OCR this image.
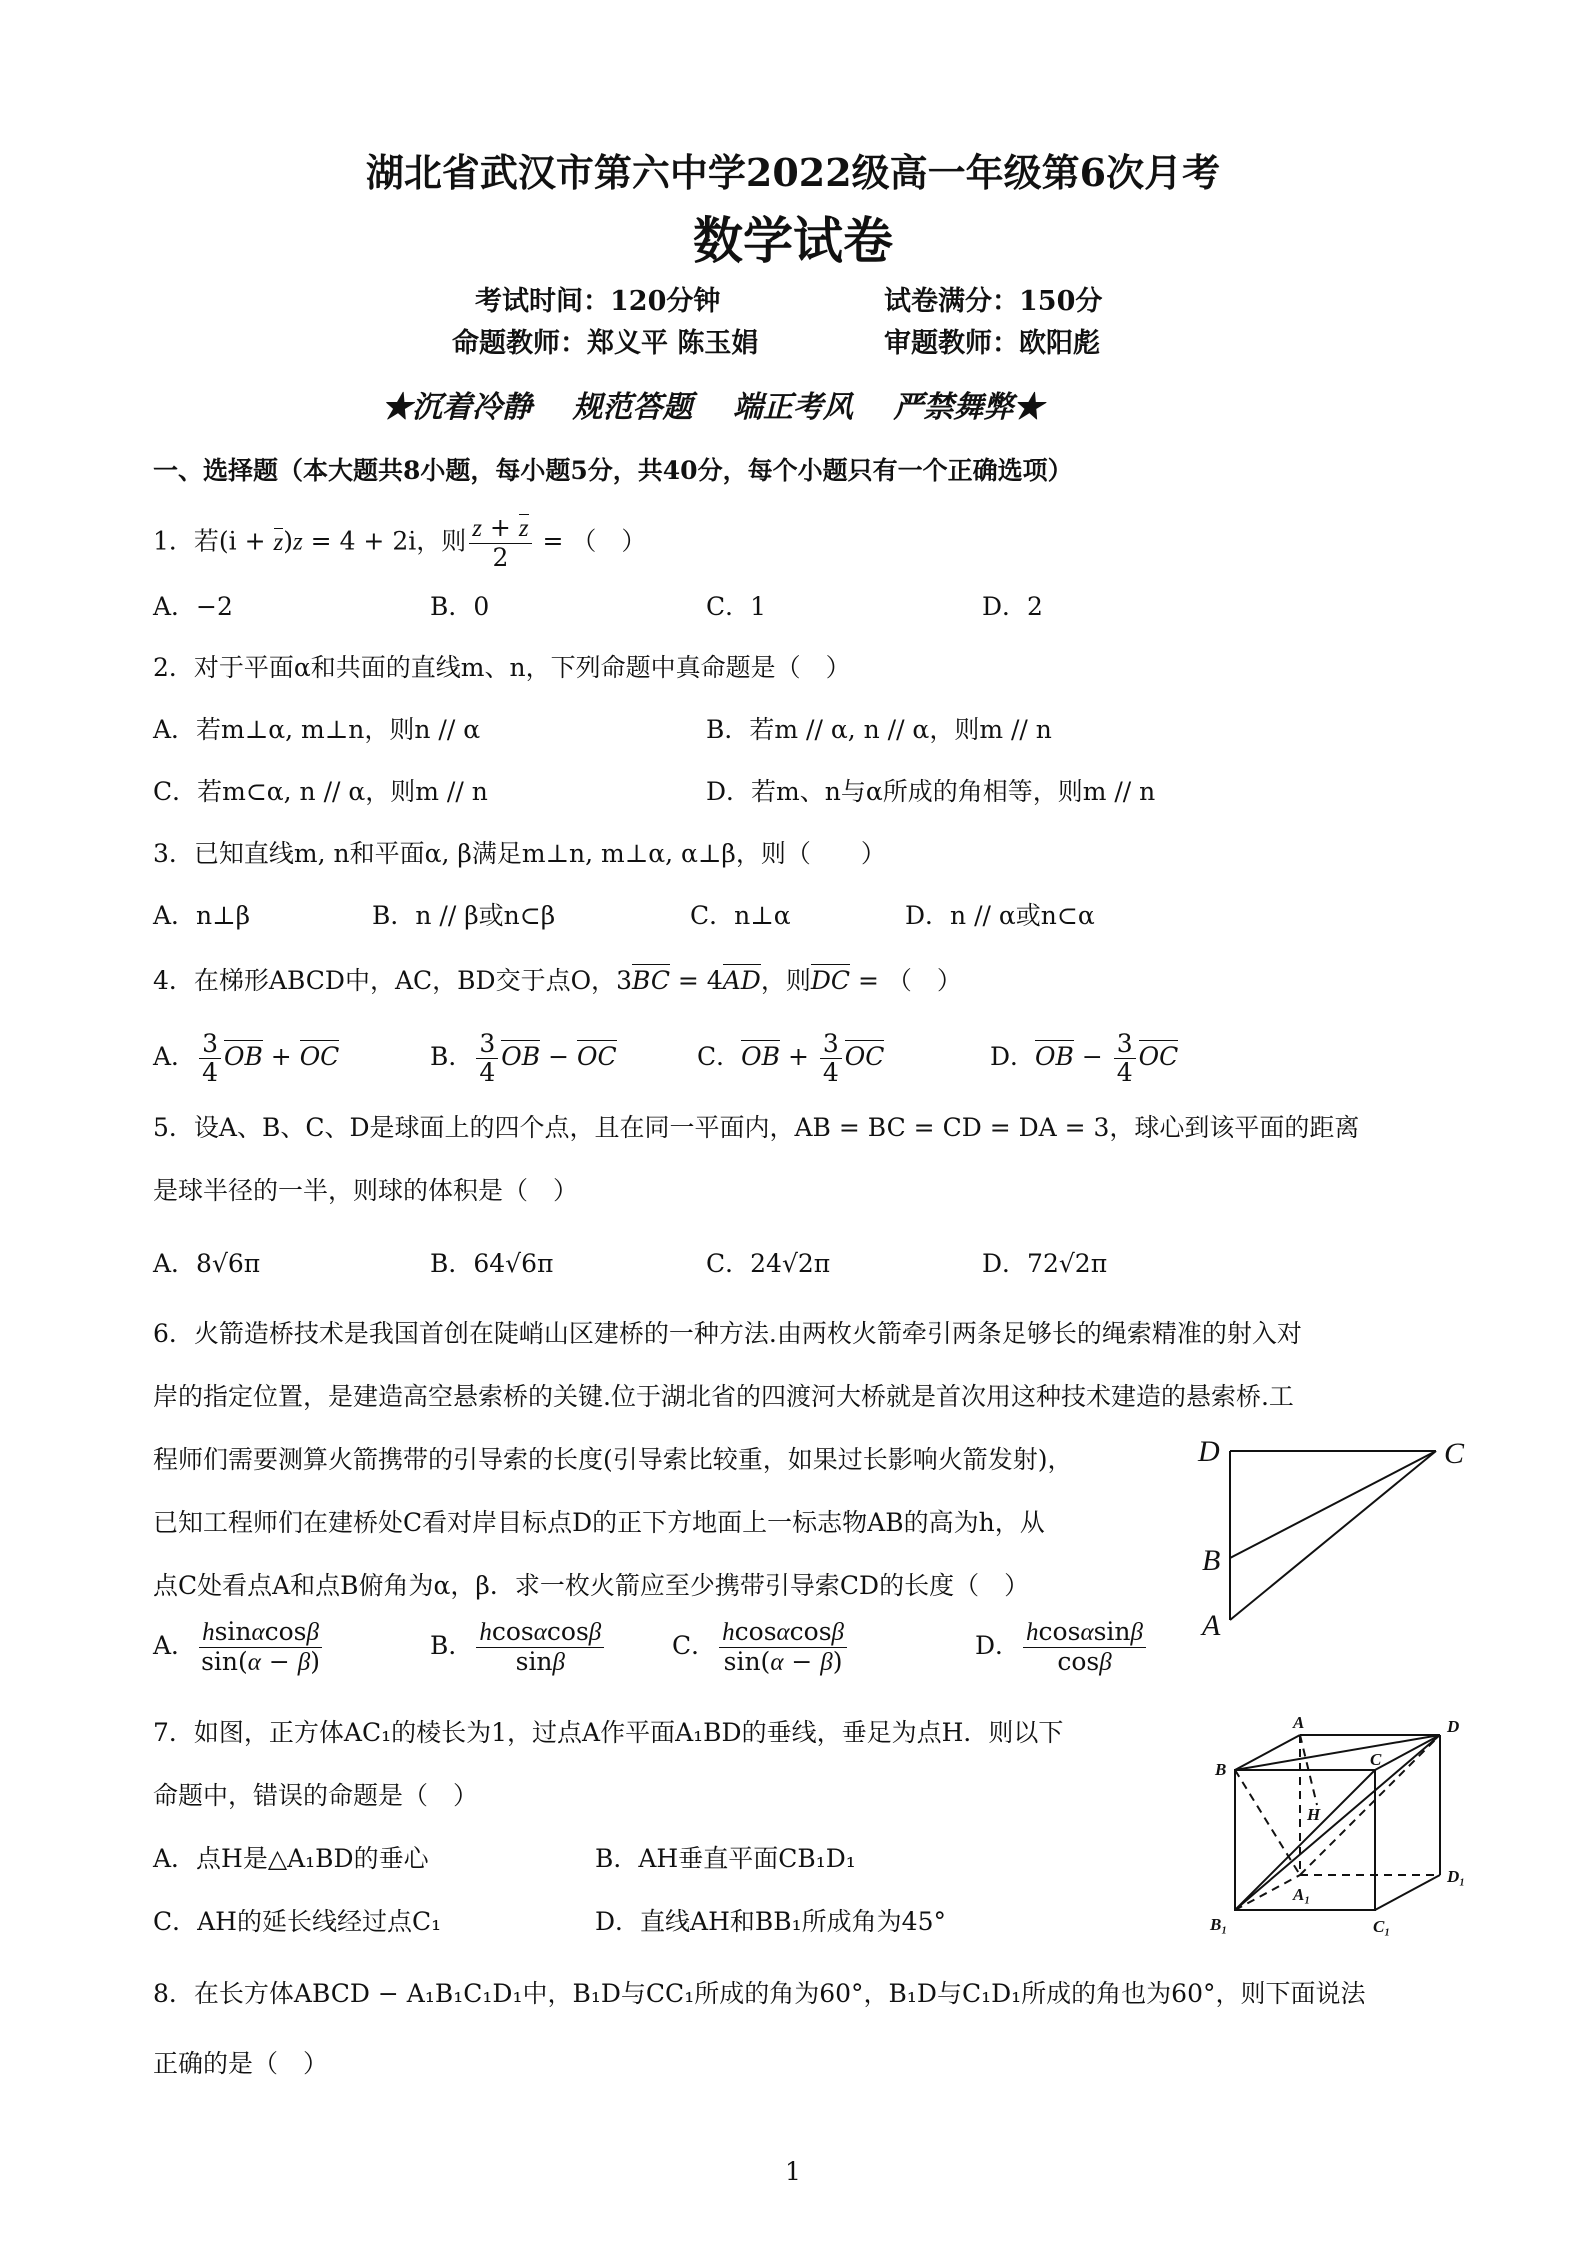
湖北省武汉市第六中学2022级高一年级第6次月考
数学试卷
考试时间：120分钟	试卷满分：150分
命题教师：郑义平 陈玉娟	审题教师：欧阳彪
★沉着冷静　 规范答题　 端正考风　 严禁舞弊★
一、选择题（本大题共8小题，每小题5分，共40分，每个小题只有一个正确选项）
1．若(i + z)z = 4 + 2i，则 $\frac{z + z}{2}$ = （　）
A．−2	B．0	C．1	D．2
2．对于平面α和共面的直线m、n，下列命题中真命题是（　）
A．若m⊥α, m⊥n，则n // α	B．若m // α, n // α，则m // n
C．若m⊂α, n // α，则m // n	D．若m、n与α所成的角相等，则m // n
3．已知直线m, n和平面α, β满足m⊥n, m⊥α, α⊥β，则（　　）
A．n⊥β	B．n // β或n⊂β	C．n⊥α	D．n // α或n⊂α
4．在梯形ABCD中，AC，BD交于点O，3BC = 4AD，则DC = （　）
A． $\frac{3}{4}$ OB + OC	B． $\frac{3}{4}$ OB − OC	C．OB + $\frac{3}{4}$ OC	D．OB − $\frac{3}{4}$ OC
5．设A、B、C、D是球面上的四个点，且在同一平面内，AB = BC = CD = DA = 3，球心到该平面的距离
是球半径的一半，则球的体积是（　）
A．8√6π	B．64√6π	C．24√2π	D．72√2π
6．火箭造桥技术是我国首创在陡峭山区建桥的一种方法.由两枚火箭牵引两条足够长的绳索精准的射入对
岸的指定位置，是建造高空悬索桥的关键.位于湖北省的四渡河大桥就是首次用这种技术建造的悬索桥.工
程师们需要测算火箭携带的引导索的长度(引导索比较重，如果过长影响火箭发射)，
已知工程师们在建桥处C看对岸目标点D的正下方地面上一标志物AB的高为h，从
点C处看点A和点B俯角为α，β．求一枚火箭应至少携带引导索CD的长度（　）
D	C
B
A
A． $\frac{hsin\alpha\cos\beta}{\sin(\alpha - \beta)}$	B． $\frac{hcos\alpha\cos\beta}{\sin\beta}$	C． $\frac{hcos\alpha\cos\beta}{\sin(\alpha - \beta)}$	D． $\frac{hcos\alpha\sin\beta}{\cos\beta}$
7．如图，正方体AC₁的棱长为1，过点A作平面A₁BD的垂线，垂足为点H．则以下
命题中，错误的命题是（　）
A．点H是△A₁BD的垂心	B．AH垂直平面CB₁D₁
C．AH的延长线经过点C₁	D．直线AH和BB₁所成角为45°
A	D
B
C
H
A₁
B₁	C₁
D₁
8．在长方体ABCD − A₁B₁C₁D₁中，B₁D与CC₁所成的角为60°，B₁D与C₁D₁所成的角也为60°，则下面说法
正确的是（　）
1
